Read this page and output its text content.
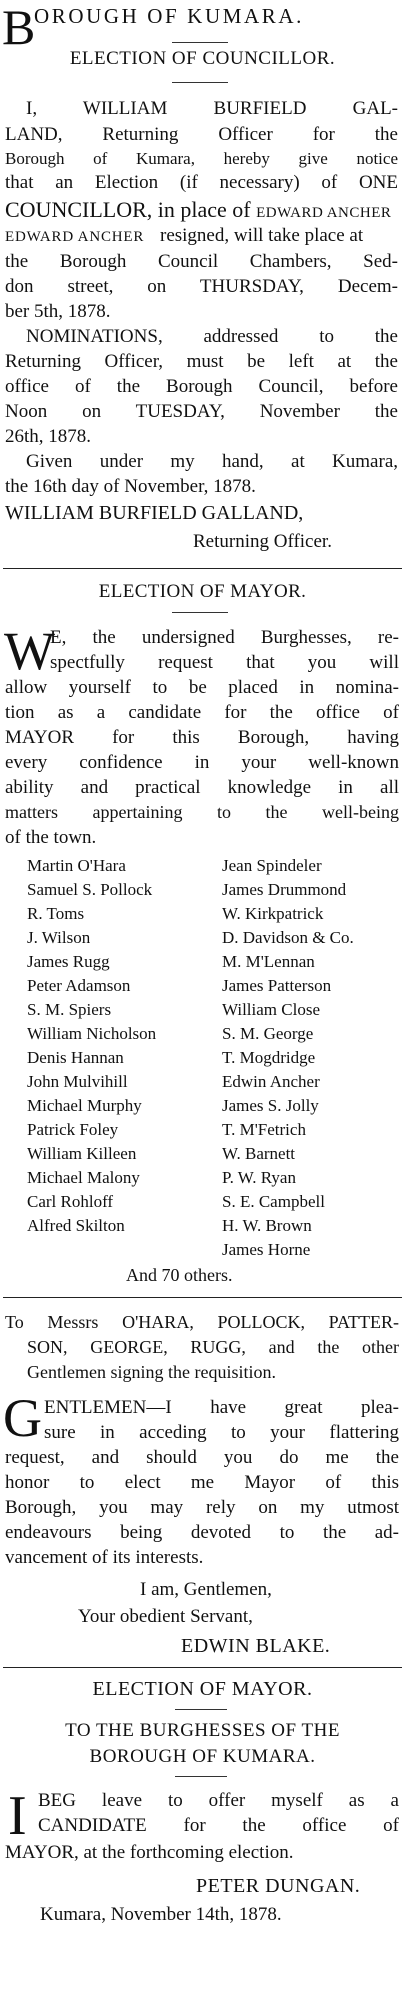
B
OROUGH OF KUMARA.
ELECTION OF COUNCILLOR.
I, WILLIAM BURFIELD GAL-
LAND, Returning Officer for the
Borough of Kumara, hereby give notice
that an Election (if necessary) of ONE
COUNCILLOR, in place of EDWARD ANCHER
EDWARD ANCHER resigned, will take place at
the Borough Council Chambers, Sed-
don street, on THURSDAY, Decem-
ber 5th, 1878.
NOMINATIONS, addressed to the
Returning Officer, must be left at the
office of the Borough Council, before
Noon on TUESDAY, November the
26th, 1878.
Given under my hand, at Kumara,
the 16th day of November, 1878.
WILLIAM BURFIELD GALLAND,
Returning Officer.
ELECTION OF MAYOR.
W
E, the undersigned Burghesses, re-
spectfully request that you will
allow yourself to be placed in nomina-
tion as a candidate for the office of
MAYOR for this Borough, having
every confidence in your well-known
ability and practical knowledge in all
matters appertaining to the well-being
of the town.
Martin O'Hara
Samuel S. Pollock
R. Toms
J. Wilson
James Rugg
Peter Adamson
S. M. Spiers
William Nicholson
Denis Hannan
John Mulvihill
Michael Murphy
Patrick Foley
William Killeen
Michael Malony
Carl Rohloff
Alfred Skilton
Jean Spindeler
James Drummond
W. Kirkpatrick
D. Davidson & Co.
M. M'Lennan
James Patterson
William Close
S. M. George
T. Mogdridge
Edwin Ancher
James S. Jolly
T. M'Fetrich
W. Barnett
P. W. Ryan
S. E. Campbell
H. W. Brown
James Horne
And 70 others.
To Messrs O'HARA, POLLOCK, PATTER-
SON, GEORGE, RUGG, and the other
Gentlemen signing the requisition.
G ENTLEMEN—I have great plea-
sure in acceding to your flattering
request, and should you do me the
honor to elect me Mayor of this
Borough, you may rely on my utmost
endeavours being devoted to the ad-
vancement of its interests.
I am, Gentlemen,
Your obedient Servant,
EDWIN BLAKE.
ELECTION OF MAYOR.
TO THE BURGHESSES OF THE
BOROUGH OF KUMARA.
I BEG leave to offer myself as a
CANDIDATE for the office of
MAYOR, at the forthcoming election.
PETER DUNGAN.
Kumara, November 14th, 1878.
